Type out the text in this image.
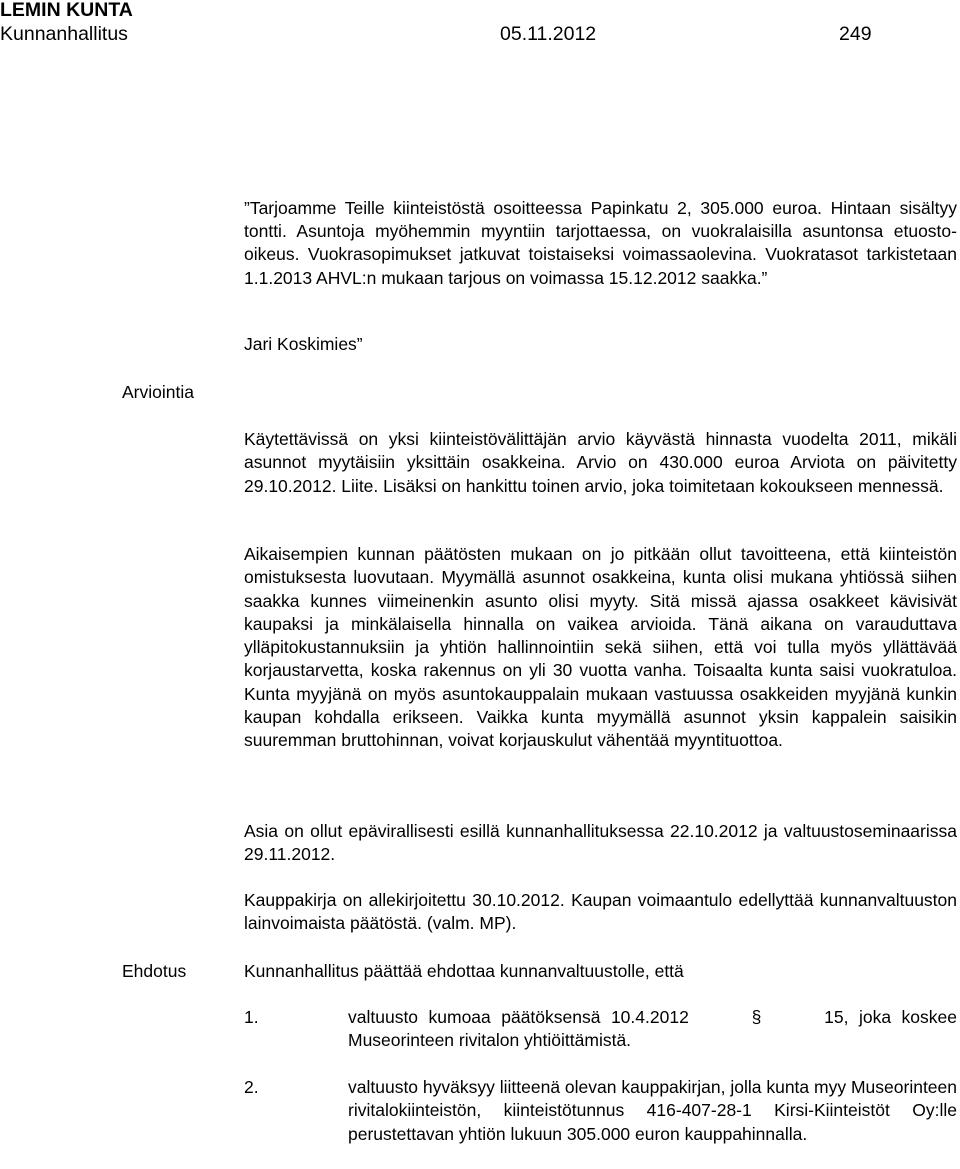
LEMIN KUNTA
Kunnanhallitus	05.11.2012	249

”Tarjoamme Teille kiinteistöstä osoitteessa Papinkatu 2, 305.000 euroa. Hintaan sisältyy tontti. Asuntoja myöhemmin myyntiin tarjottaessa, on vuokralaisilla asuntonsa etuosto-oikeus. Vuokrasopimukset jatkuvat toistaiseksi voimassaolevina. Vuokratasot tarkistetaan 1.1.2013 AHVL:n mukaan tarjous on voimassa 15.12.2012 saakka.”

Jari Koskimies”

Arviointia

Käytettävissä on yksi kiinteistövälittäjän arvio käyvästä hinnasta vuodelta 2011, mikäli asunnot myytäisiin yksittäin osakkeina. Arvio on 430.000 euroa Arviota on päivitetty 29.10.2012. Liite. Lisäksi on hankittu toinen arvio, joka toimitetaan kokoukseen mennessä.

Aikaisempien kunnan päätösten mukaan on jo pitkään ollut tavoitteena, että kiinteistön omistuksesta luovutaan. Myymällä asunnot osakkeina, kunta olisi mukana yhtiössä siihen saakka kunnes viimeinenkin asunto olisi myyty. Sitä missä ajassa osakkeet kävisivät kaupaksi ja minkälaisella hinnalla on vaikea arvioida. Tänä aikana on varauduttava ylläpitokustannuksiin ja yhtiön hallinnointiin sekä siihen, että voi tulla myös yllättävää korjaustarvetta, koska rakennus on yli 30 vuotta vanha. Toisaalta kunta saisi vuokratuloa. Kunta myyjänä on myös asuntokauppalain mukaan vastuussa osakkeiden myyjänä kunkin kaupan kohdalla erikseen. Vaikka kunta myymällä asunnot yksin kappalein saisikin suuremman bruttohinnan, voivat korjauskulut vähentää myyntituottoa.

Asia on ollut epävirallisesti esillä kunnanhallituksessa 22.10.2012 ja valtuustoseminaarissa 29.11.2012.

Kauppakirja on allekirjoitettu 30.10.2012. Kaupan voimaantulo edellyttää kunnanvaltuuston lainvoimaista päätöstä. (valm. MP).

Ehdotus	Kunnanhallitus päättää ehdottaa kunnanvaltuustolle, että

1.	valtuusto kumoaa päätöksensä 10.4.2012	§	15, joka koskee Museorinteen rivitalon yhtiöittämistä.

2.	valtuusto hyväksyy liitteenä olevan kauppakirjan, jolla kunta myy Museorinteen rivitalokiinteistön, kiinteistötunnus 416-407-28-1 Kirsi-Kiinteistöt Oy:lle perustettavan yhtiön lukuun 305.000 euron kauppahinnalla.
